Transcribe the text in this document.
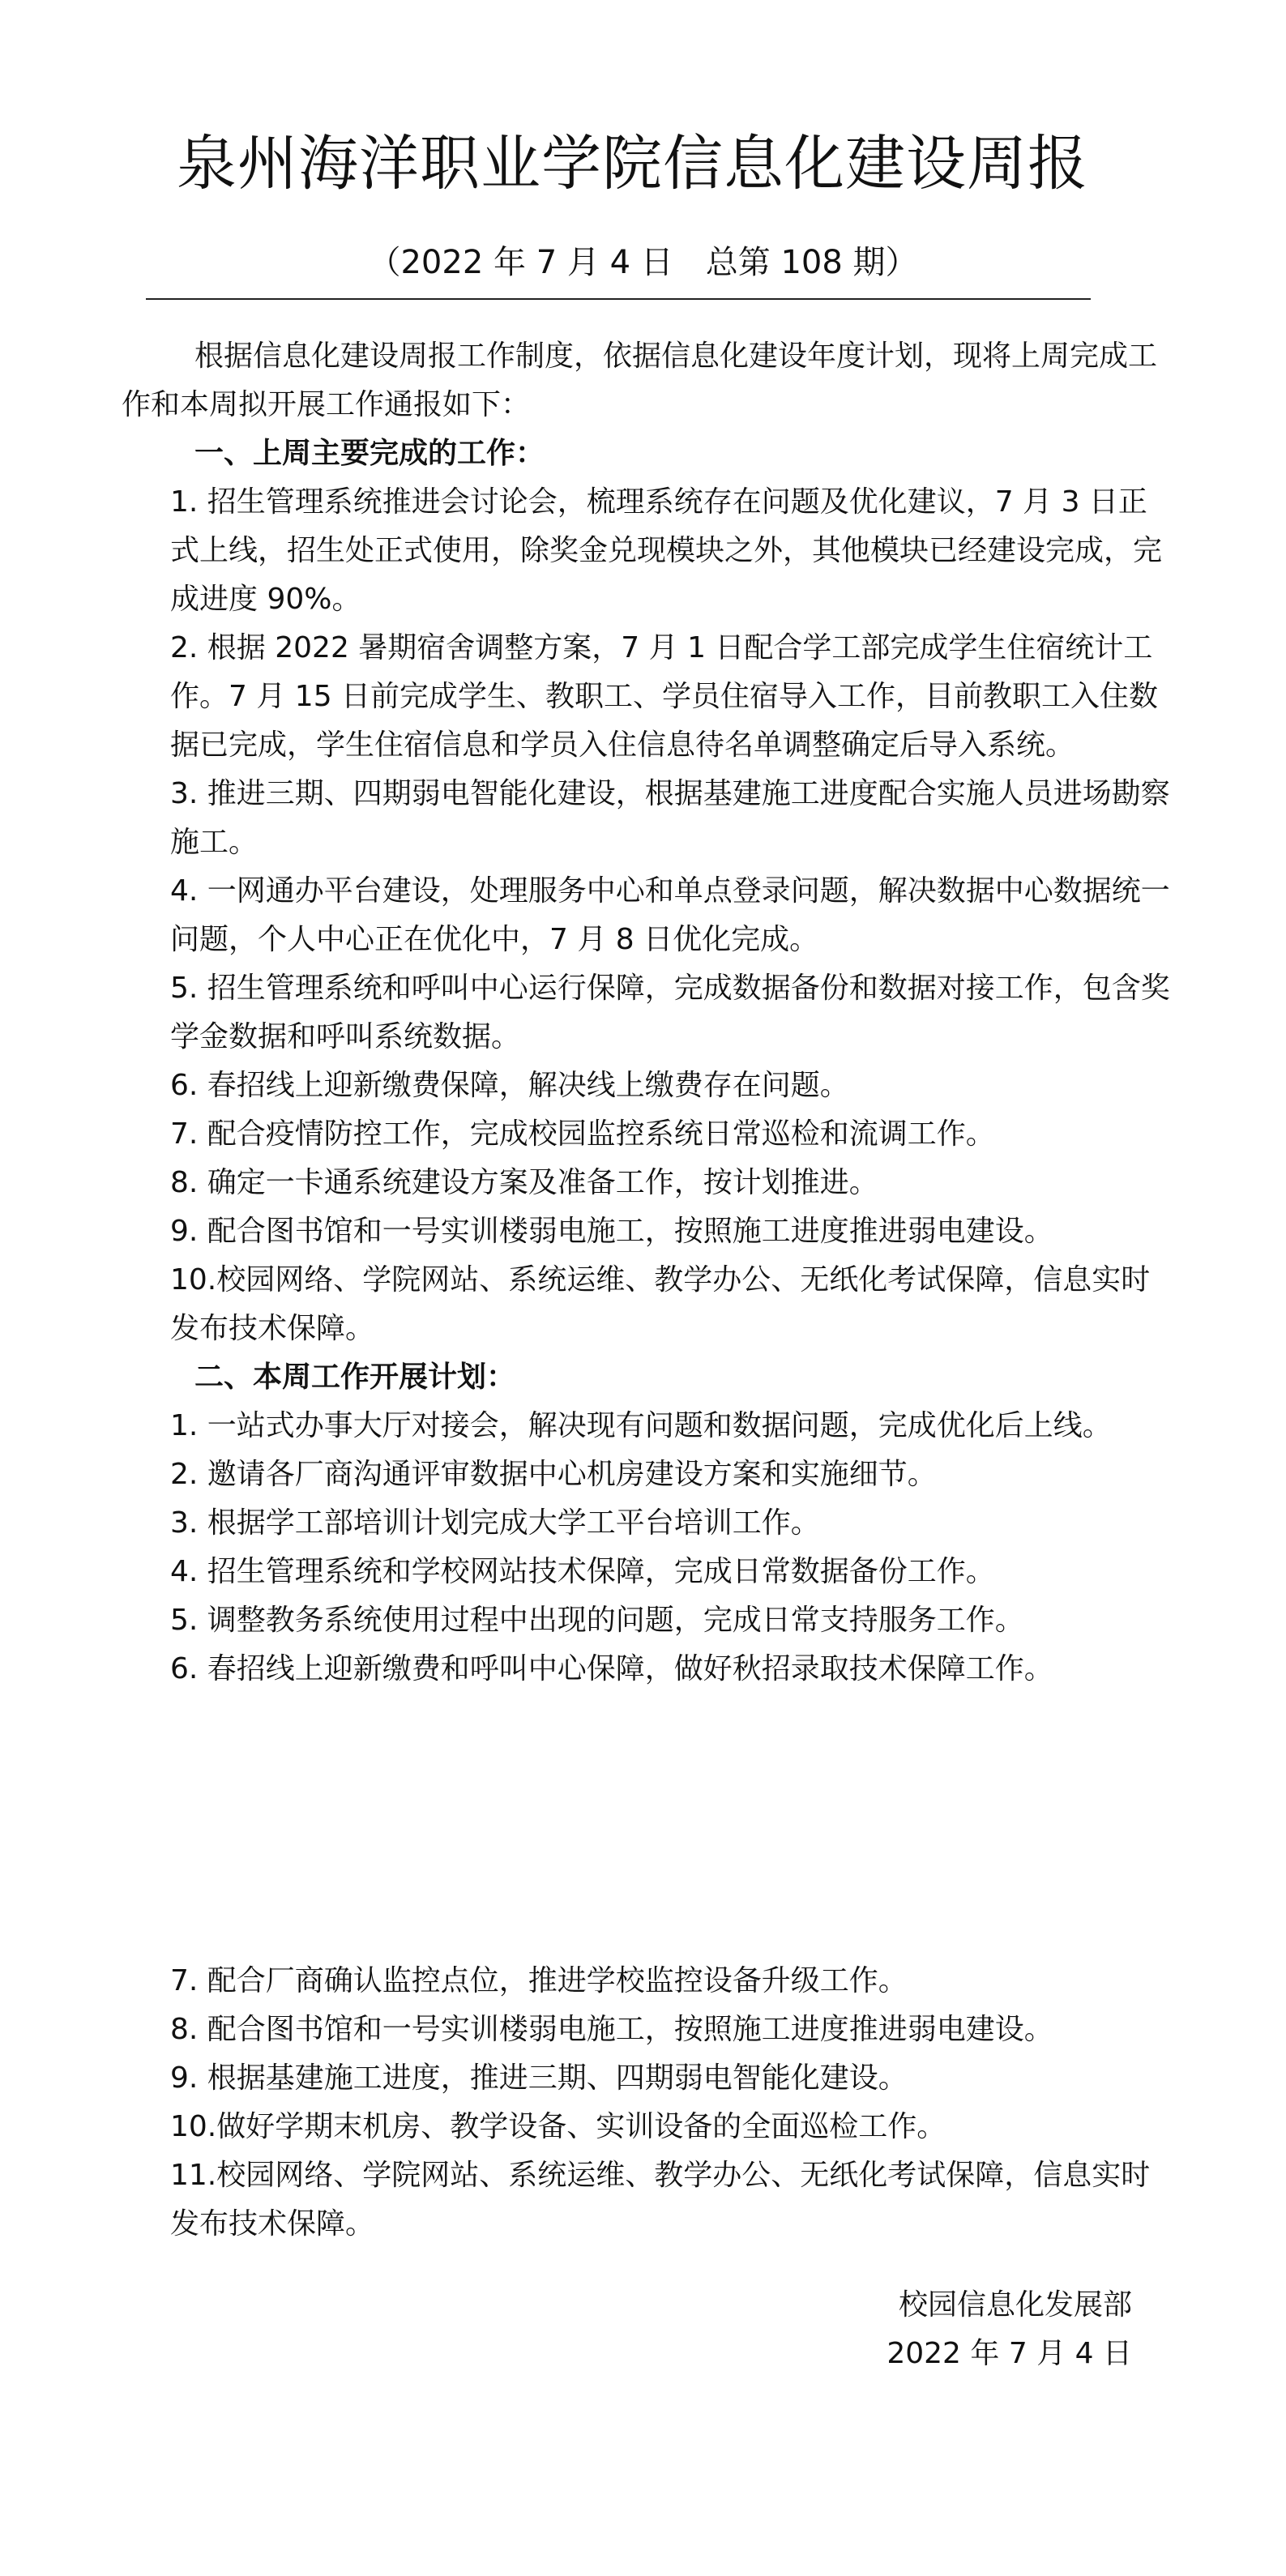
泉州海洋职业学院信息化建设周报
（2022 年 7 月 4 日　总第 108 期）

根据信息化建设周报工作制度，依据信息化建设年度计划，现将上周完成工作和本周拟开展工作通报如下：

一、上周主要完成的工作：

1. 招生管理系统推进会讨论会，梳理系统存在问题及优化建议，7 月 3 日正式上线，招生处正式使用，除奖金兑现模块之外，其他模块已经建设完成，完成进度 90%。

2. 根据 2022 暑期宿舍调整方案，7 月 1 日配合学工部完成学生住宿统计工作。7 月 15 日前完成学生、教职工、学员住宿导入工作，目前教职工入住数据已完成，学生住宿信息和学员入住信息待名单调整确定后导入系统。

3. 推进三期、四期弱电智能化建设，根据基建施工进度配合实施人员进场勘察施工。

4. 一网通办平台建设，处理服务中心和单点登录问题，解决数据中心数据统一问题，个人中心正在优化中，7 月 8 日优化完成。

5. 招生管理系统和呼叫中心运行保障，完成数据备份和数据对接工作，包含奖学金数据和呼叫系统数据。

6. 春招线上迎新缴费保障，解决线上缴费存在问题。

7. 配合疫情防控工作，完成校园监控系统日常巡检和流调工作。

8. 确定一卡通系统建设方案及准备工作，按计划推进。

9. 配合图书馆和一号实训楼弱电施工，按照施工进度推进弱电建设。

10.校园网络、学院网站、系统运维、教学办公、无纸化考试保障，信息实时发布技术保障。

二、本周工作开展计划：

1. 一站式办事大厅对接会，解决现有问题和数据问题，完成优化后上线。

2. 邀请各厂商沟通评审数据中心机房建设方案和实施细节。

3. 根据学工部培训计划完成大学工平台培训工作。

4. 招生管理系统和学校网站技术保障，完成日常数据备份工作。

5. 调整教务系统使用过程中出现的问题，完成日常支持服务工作。

6. 春招线上迎新缴费和呼叫中心保障，做好秋招录取技术保障工作。

7. 配合厂商确认监控点位，推进学校监控设备升级工作。

8. 配合图书馆和一号实训楼弱电施工，按照施工进度推进弱电建设。

9. 根据基建施工进度，推进三期、四期弱电智能化建设。

10.做好学期末机房、教学设备、实训设备的全面巡检工作。

11.校园网络、学院网站、系统运维、教学办公、无纸化考试保障，信息实时发布技术保障。

校园信息化发展部
2022 年 7 月 4 日
